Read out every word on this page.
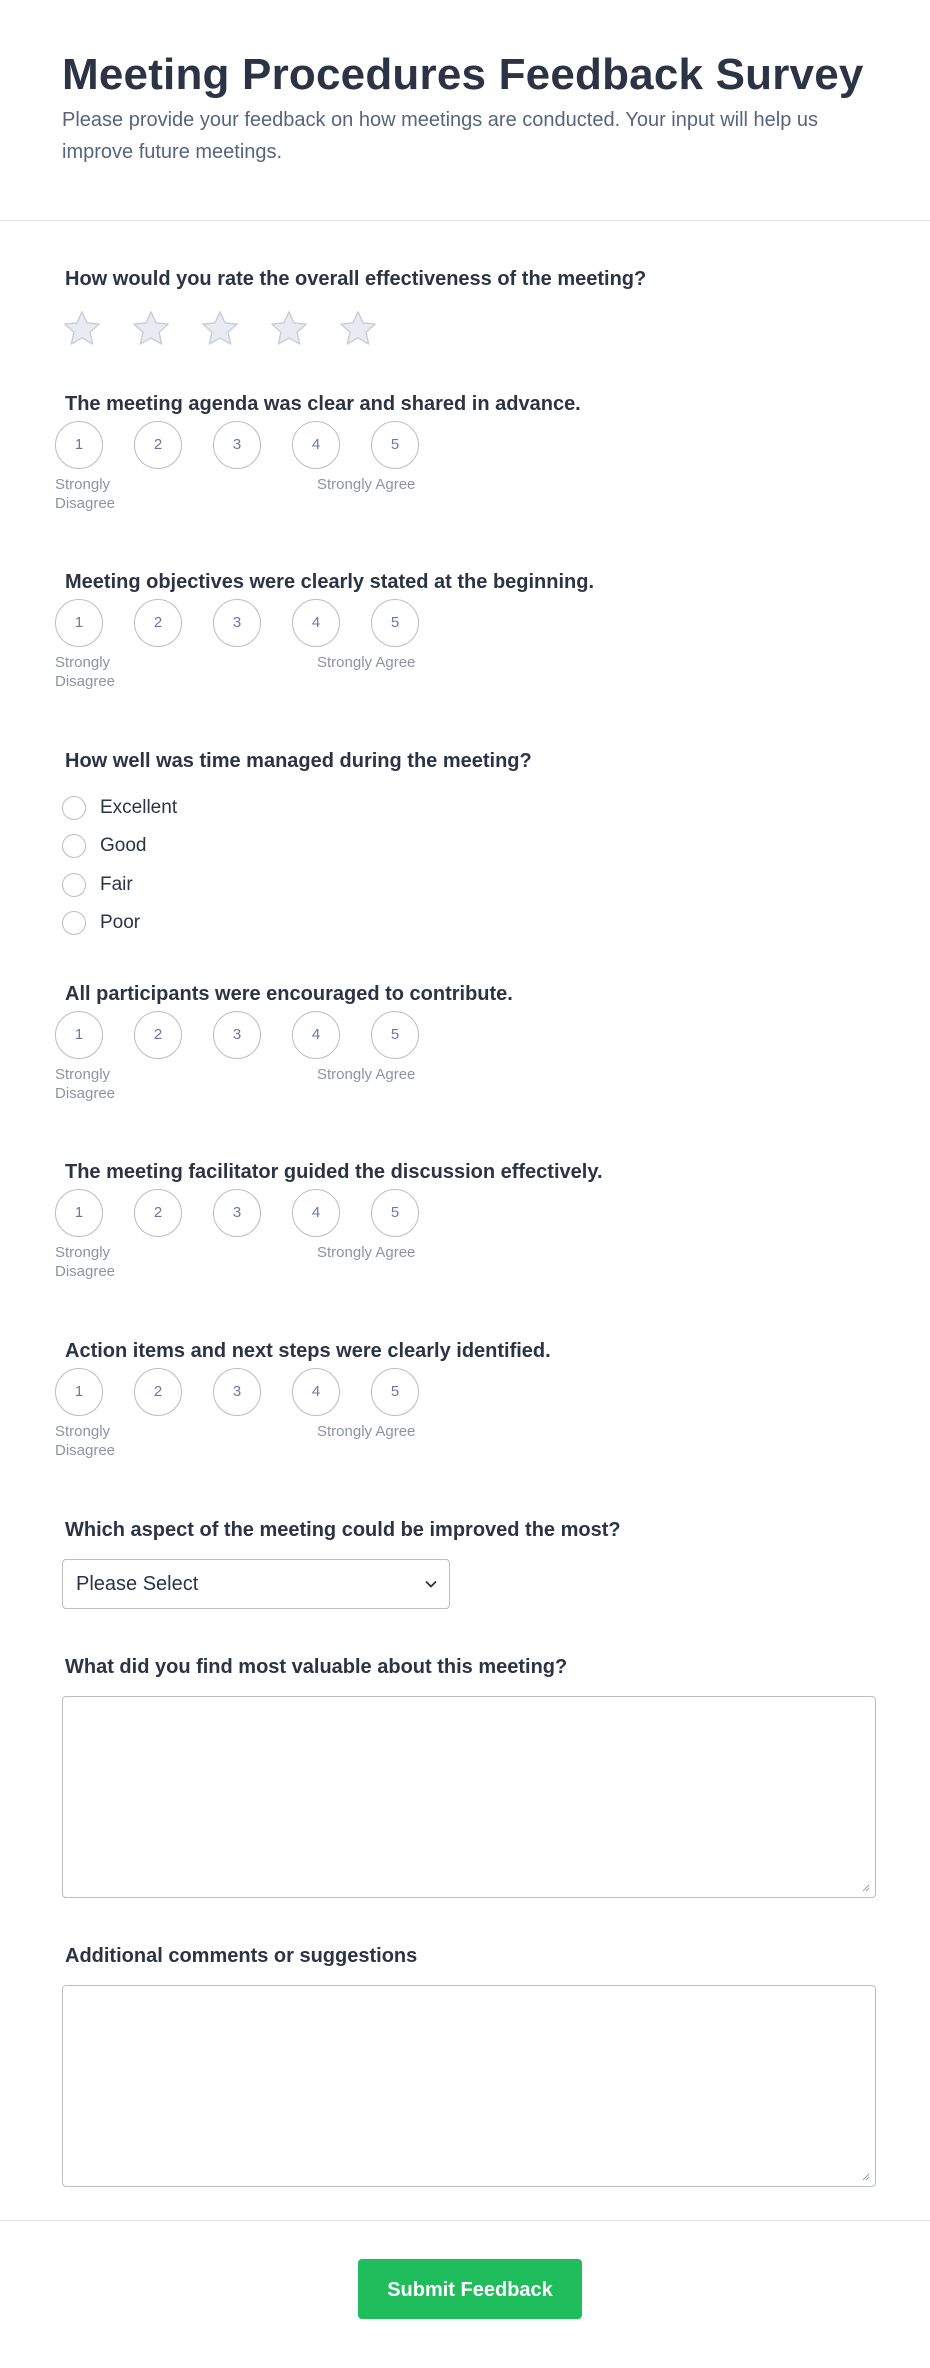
Meeting Procedures Feedback Survey

Please provide your feedback on how meetings are conducted. Your input will help us improve future meetings.

How would you rate the overall effectiveness of the meeting?
The meeting agenda was clear and shared in advance.
1	2	3	4	5
Strongly Disagree
Strongly Agree
Meeting objectives were clearly stated at the beginning.
1	2	3	4	5
Strongly Disagree
Strongly Agree
How well was time managed during the meeting?
Excellent
Good
Fair
Poor
All participants were encouraged to contribute.
1	2	3	4	5
Strongly Disagree
Strongly Agree
The meeting facilitator guided the discussion effectively.
1	2	3	4	5
Strongly Disagree
Strongly Agree
Action items and next steps were clearly identified.
1	2	3	4	5
Strongly Disagree
Strongly Agree
Which aspect of the meeting could be improved the most?
Please Select
What did you find most valuable about this meeting?
Additional comments or suggestions
Submit Feedback
